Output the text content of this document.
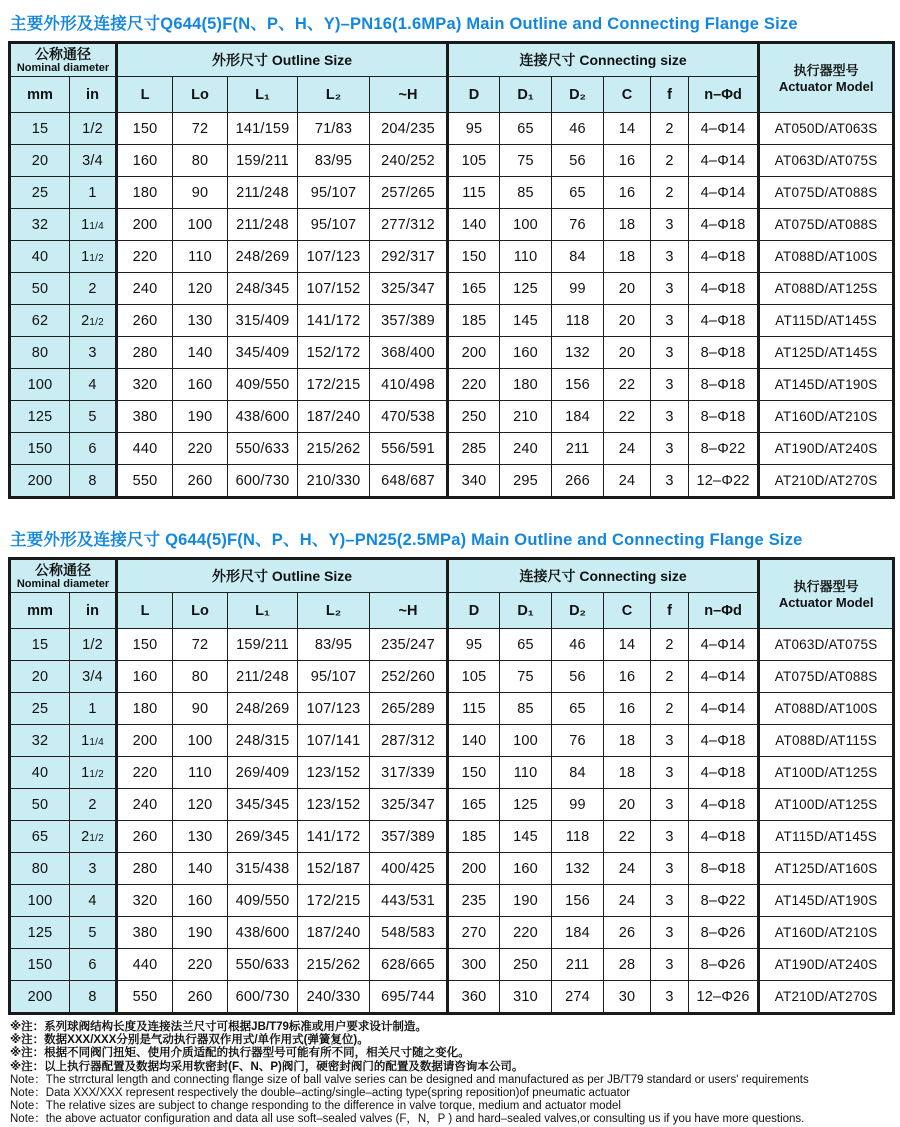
主要外形及连接尺寸Q644(5)F(N、P、H、Y)–PN16(1.6MPa) Main Outline and Connecting Flange Size
公称通径
Nominal diameter	外形尺寸 Outline Size	连接尺寸 Connecting size	
执行器型号
Actuator Model

mm	in	L	Lo	L₁	L₂	~H	D	D₁	D₂	C	f	n–Φd	
15	1/2	150	72	141/159	71/83	204/235	95	65	46	14	2	4–Φ14	AT050D/AT063S
20	3/4	160	80	159/211	83/95	240/252	105	75	56	16	2	4–Φ14	AT063D/AT075S
25	1	180	90	211/248	95/107	257/265	115	85	65	16	2	4–Φ14	AT075D/AT088S
32	11/4	200	100	211/248	95/107	277/312	140	100	76	18	3	4–Φ18	AT075D/AT088S
40	11/2	220	110	248/269	107/123	292/317	150	110	84	18	3	4–Φ18	AT088D/AT100S
50	2	240	120	248/345	107/152	325/347	165	125	99	20	3	4–Φ18	AT088D/AT125S
62	21/2	260	130	315/409	141/172	357/389	185	145	118	20	3	4–Φ18	AT115D/AT145S
80	3	280	140	345/409	152/172	368/400	200	160	132	20	3	8–Φ18	AT125D/AT145S
100	4	320	160	409/550	172/215	410/498	220	180	156	22	3	8–Φ18	AT145D/AT190S
125	5	380	190	438/600	187/240	470/538	250	210	184	22	3	8–Φ18	AT160D/AT210S
150	6	440	220	550/633	215/262	556/591	285	240	211	24	3	8–Φ22	AT190D/AT240S
200	8	550	260	600/730	210/330	648/687	340	295	266	24	3	12–Φ22	AT210D/AT270S
主要外形及连接尺寸 Q644(5)F(N、P、H、Y)–PN25(2.5MPa) Main Outline and Connecting Flange Size
公称通径
Nominal diameter	外形尺寸 Outline Size	连接尺寸 Connecting size	
执行器型号
Actuator Model

mm	in	L	Lo	L₁	L₂	~H	D	D₁	D₂	C	f	n–Φd	
15	1/2	150	72	159/211	83/95	235/247	95	65	46	14	2	4–Φ14	AT063D/AT075S
20	3/4	160	80	211/248	95/107	252/260	105	75	56	16	2	4–Φ14	AT075D/AT088S
25	1	180	90	248/269	107/123	265/289	115	85	65	16	2	4–Φ14	AT088D/AT100S
32	11/4	200	100	248/315	107/141	287/312	140	100	76	18	3	4–Φ18	AT088D/AT115S
40	11/2	220	110	269/409	123/152	317/339	150	110	84	18	3	4–Φ18	AT100D/AT125S
50	2	240	120	345/345	123/152	325/347	165	125	99	20	3	4–Φ18	AT100D/AT125S
65	21/2	260	130	269/345	141/172	357/389	185	145	118	22	3	4–Φ18	AT115D/AT145S
80	3	280	140	315/438	152/187	400/425	200	160	132	24	3	8–Φ18	AT125D/AT160S
100	4	320	160	409/550	172/215	443/531	235	190	156	24	3	8–Φ22	AT145D/AT190S
125	5	380	190	438/600	187/240	548/583	270	220	184	26	3	8–Φ26	AT160D/AT210S
150	6	440	220	550/633	215/262	628/665	300	250	211	28	3	8–Φ26	AT190D/AT240S
200	8	550	260	600/730	240/330	695/744	360	310	274	30	3	12–Φ26	AT210D/AT270S
※注：系列球阀结构长度及连接法兰尺寸可根据JB/T79标准或用户要求设计制造。
※注：数据XXX/XXX分别是气动执行器双作用式/单作用式(弹簧复位)。
※注：根据不同阀门扭矩、使用介质适配的执行器型号可能有所不同，相关尺寸随之变化。
※注：以上执行器配置及数据均采用软密封(F、N、P)阀门，硬密封阀门的配置及数据请咨询本公司。
Note：The strrctural length and connecting flange size of ball valve series can be designed and manufactured as per JB/T79 standard or users' requirements
Note：Data XXX/XXX represent respectively the double–acting/single–acting type(spring reposition)of pneumatic actuator
Note：The relative sizes are subject to change responding to the difference in valve torque, medium and actuator model
Note：the above actuator configuration and data all use soft–sealed valves (F，N，P ) and hard–sealed valves,or consulting us if you have more questions.
